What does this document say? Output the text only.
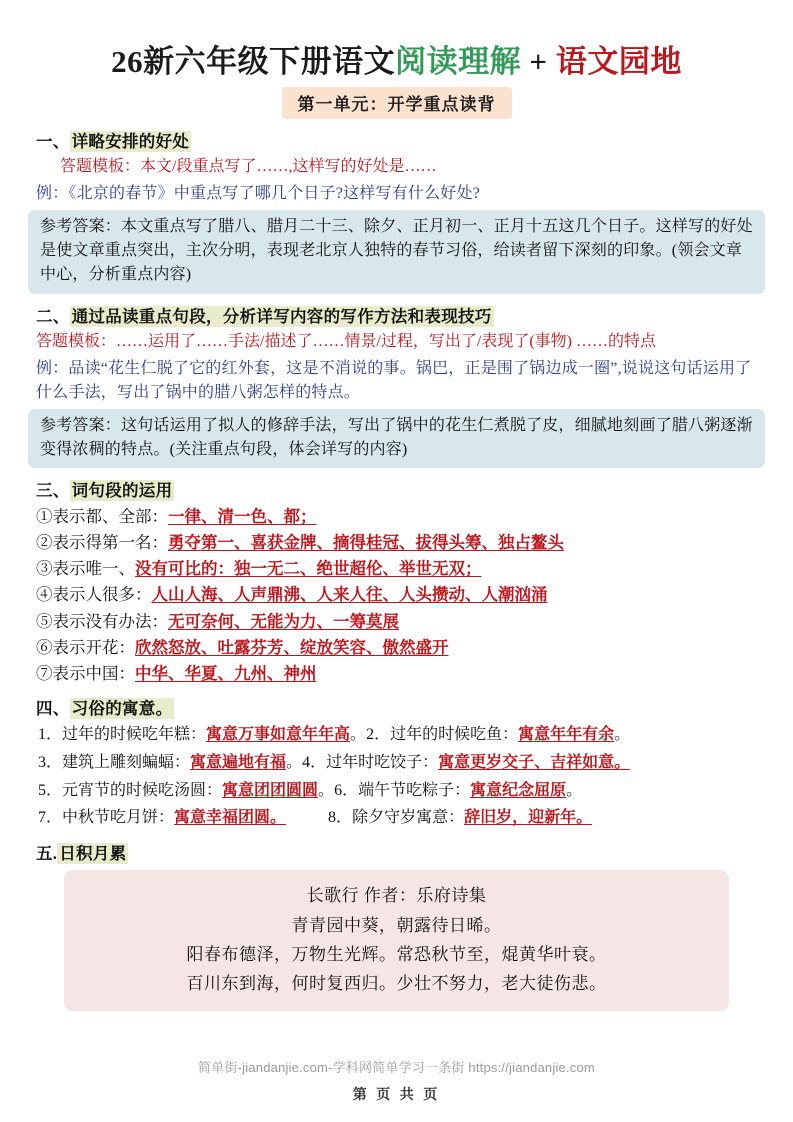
26新六年级下册语文阅读理解 + 语文园地
第一单元：开学重点读背
一、 详略安排的好处
答题模板：本文/段重点写了……,这样写的好处是……
例：《北京的春节》中重点写了哪几个日子?这样写有什么好处?
参考答案：本文重点写了腊八、腊月二十三、除夕、正月初一、正月十五这几个日子。这样写的好处是使文章重点突出，主次分明，表现老北京人独特的春节习俗，给读者留下深刻的印象。(领会文章中心，分析重点内容)
二、 通过品读重点句段，分析详写内容的写作方法和表现技巧
答题模板：……运用了……手法/描述了……情景/过程，写出了/表现了(事物) ……的特点
例：品读“花生仁脱了它的红外套，这是不消说的事。锅巴，正是围了锅边成一圈”,说说这句话运用了什么手法，写出了锅中的腊八粥怎样的特点。
参考答案：这句话运用了拟人的修辞手法，写出了锅中的花生仁煮脱了皮，细腻地刻画了腊八粥逐渐变得浓稠的特点。(关注重点句段，体会详写的内容)
三、 词句段的运用
①表示都、全部：一律、清一色、都；
②表示得第一名：勇夺第一、喜获金牌、摘得桂冠、拔得头筹、独占鳌头
③表示唯一、没有可比的：独一无二、绝世超伦、举世无双；
④表示人很多：人山人海、人声鼎沸、人来人往、人头攒动、人潮汹涌
⑤表示没有办法：无可奈何、无能为力、一筹莫展
⑥表示开花：欣然怒放、吐露芬芳、绽放笑容、傲然盛开
⑦表示中国：中华、华夏、九州、神州
四、 习俗的寓意。
1．过年的时候吃年糕：寓意万事如意年年高。2．过年的时候吃鱼：寓意年年有余。
3．建筑上雕刻蝙蝠：寓意遍地有福。4．过年时吃饺子：寓意更岁交子、吉祥如意。
5．元宵节的时候吃汤圆：寓意团团圆圆。6．端午节吃粽子：寓意纪念屈原。
7．中秋节吃月饼：寓意幸福团圆。	8．除夕守岁寓意：辞旧岁，迎新年。
五. 日积月累
长歌行 作者：乐府诗集
青青园中葵，朝露待日晞。
阳春布德泽，万物生光辉。常恐秋节至，焜黄华叶衰。
百川东到海，何时复西归。少壮不努力，老大徒伤悲。
简单街-jiandanjie.com-学科网简单学习一条街 https://jiandanjie.com
第 页 共 页
